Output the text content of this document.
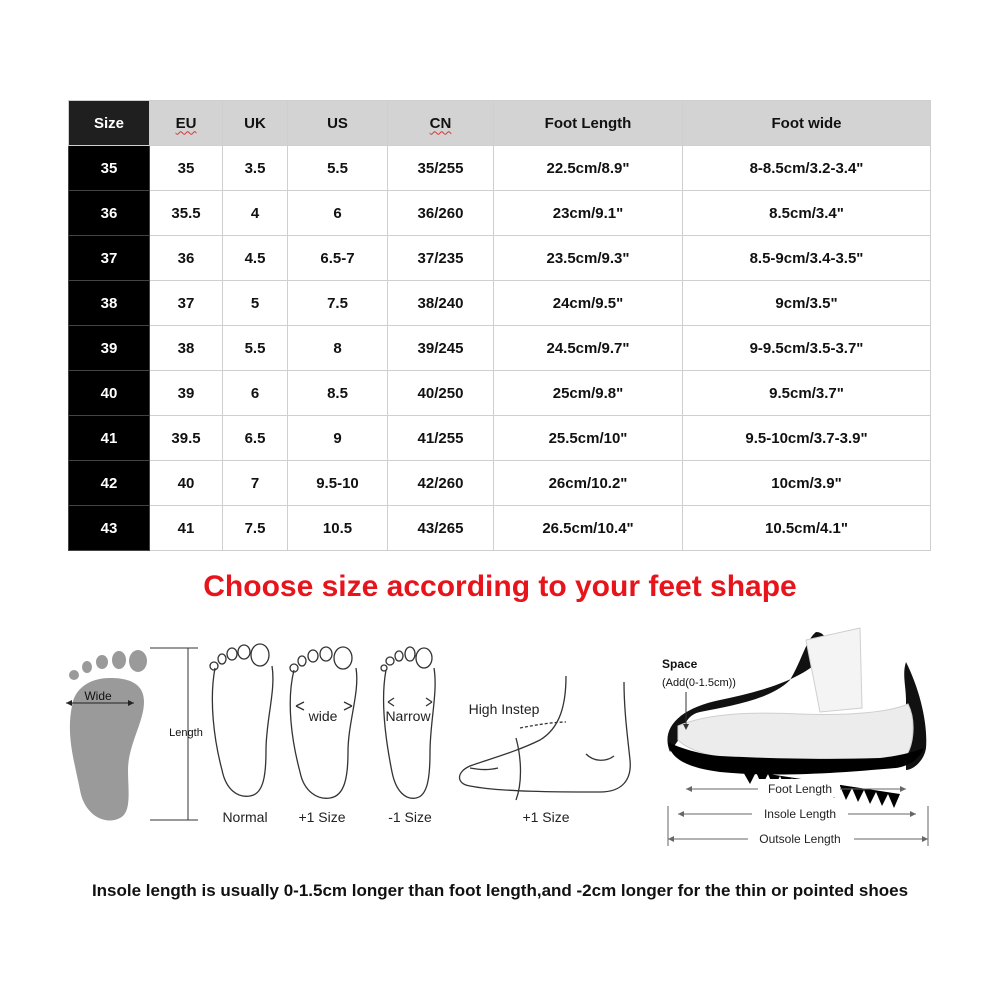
Size	EU	UK	US	CN	Foot Length	Foot wide
35	35	3.5	5.5	35/255	22.5cm/8.9"	8-8.5cm/3.2-3.4"
36	35.5	4	6	36/260	23cm/9.1"	8.5cm/3.4"
37	36	4.5	6.5-7	37/235	23.5cm/9.3"	8.5-9cm/3.4-3.5"
38	37	5	7.5	38/240	24cm/9.5"	9cm/3.5"
39	38	5.5	8	39/245	24.5cm/9.7"	9-9.5cm/3.5-3.7"
40	39	6	8.5	40/250	25cm/9.8"	9.5cm/3.7"
41	39.5	6.5	9	41/255	25.5cm/10"	9.5-10cm/3.7-3.9"
42	40	7	9.5-10	42/260	26cm/10.2"	10cm/3.9"
43	41	7.5	10.5	43/265	26.5cm/10.4"	10.5cm/4.1"
Choose size according to your feet shape
Wide
Length
Normal
wide
+1 Size
Narrow
-1 Size
High Instep
+1 Size
Space
(Add(0-1.5cm))
Foot Length
Insole Length
Outsole Length

Insole length is usually 0-1.5cm longer than foot length,and -2cm longer for the thin or pointed shoes
